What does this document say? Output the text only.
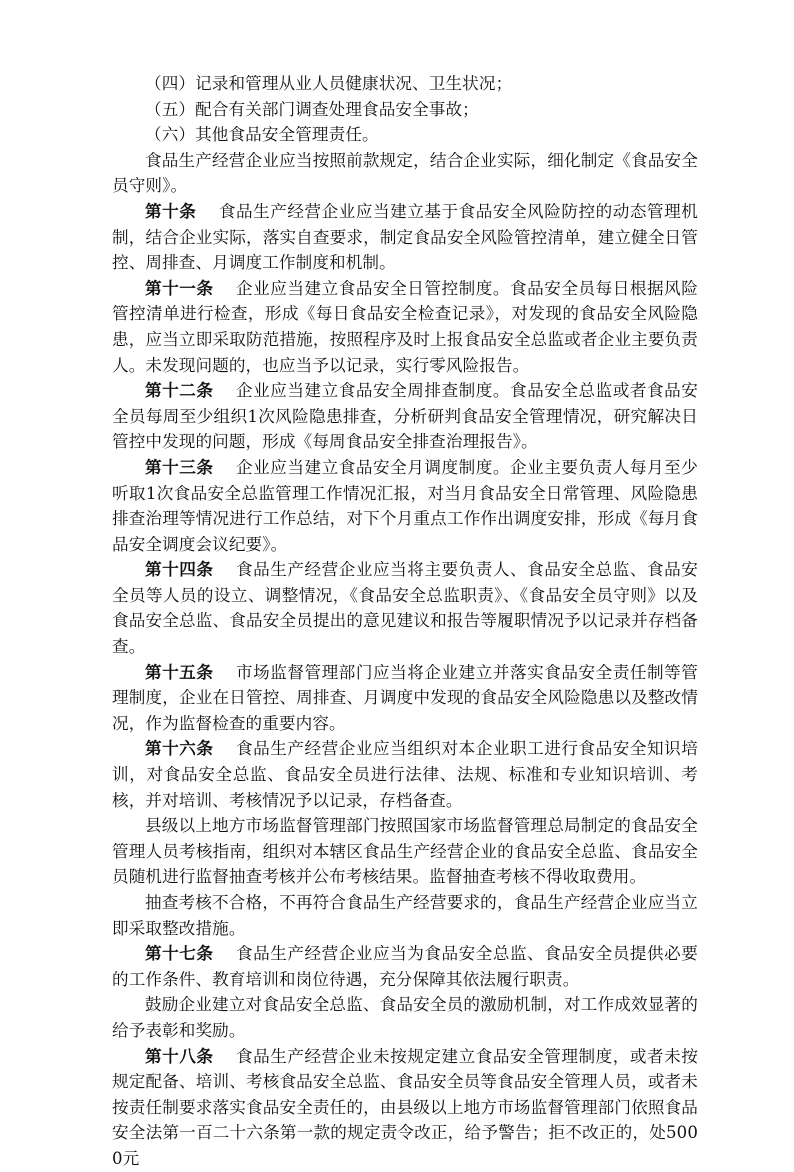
（四）记录和管理从业人员健康状况、卫生状况；

（五）配合有关部门调查处理食品安全事故；

（六）其他食品安全管理责任。

食品生产经营企业应当按照前款规定，结合企业实际，细化制定《食品安全员守则》。

第十条 食品生产经营企业应当建立基于食品安全风险防控的动态管理机制，结合企业实际，落实自查要求，制定食品安全风险管控清单，建立健全日管控、周排查、月调度工作制度和机制。

第十一条 企业应当建立食品安全日管控制度。食品安全员每日根据风险管控清单进行检查，形成《每日食品安全检查记录》，对发现的食品安全风险隐患，应当立即采取防范措施，按照程序及时上报食品安全总监或者企业主要负责人。未发现问题的，也应当予以记录，实行零风险报告。

第十二条 企业应当建立食品安全周排查制度。食品安全总监或者食品安全员每周至少组织1次风险隐患排查，分析研判食品安全管理情况，研究解决日管控中发现的问题，形成《每周食品安全排查治理报告》。

第十三条 企业应当建立食品安全月调度制度。企业主要负责人每月至少听取1次食品安全总监管理工作情况汇报，对当月食品安全日常管理、风险隐患排查治理等情况进行工作总结，对下个月重点工作作出调度安排，形成《每月食品安全调度会议纪要》。

第十四条 食品生产经营企业应当将主要负责人、食品安全总监、食品安全员等人员的设立、调整情况，《食品安全总监职责》、《食品安全员守则》以及食品安全总监、食品安全员提出的意见建议和报告等履职情况予以记录并存档备查。

第十五条 市场监督管理部门应当将企业建立并落实食品安全责任制等管理制度，企业在日管控、周排查、月调度中发现的食品安全风险隐患以及整改情况，作为监督检查的重要内容。

第十六条 食品生产经营企业应当组织对本企业职工进行食品安全知识培训，对食品安全总监、食品安全员进行法律、法规、标准和专业知识培训、考核，并对培训、考核情况予以记录，存档备查。

县级以上地方市场监督管理部门按照国家市场监督管理总局制定的食品安全管理人员考核指南，组织对本辖区食品生产经营企业的食品安全总监、食品安全员随机进行监督抽查考核并公布考核结果。监督抽查考核不得收取费用。

抽查考核不合格，不再符合食品生产经营要求的，食品生产经营企业应当立即采取整改措施。

第十七条 食品生产经营企业应当为食品安全总监、食品安全员提供必要的工作条件、教育培训和岗位待遇，充分保障其依法履行职责。

鼓励企业建立对食品安全总监、食品安全员的激励机制，对工作成效显著的给予表彰和奖励。

第十八条 食品生产经营企业未按规定建立食品安全管理制度，或者未按规定配备、培训、考核食品安全总监、食品安全员等食品安全管理人员，或者未按责任制要求落实食品安全责任的，由县级以上地方市场监督管理部门依照食品安全法第一百二十六条第一款的规定责令改正，给予警告；拒不改正的，处5000元
